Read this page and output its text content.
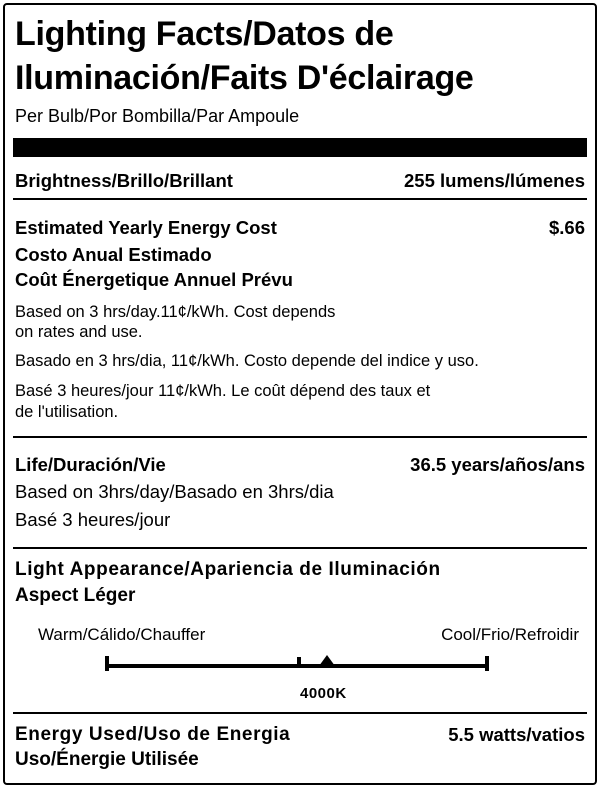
Lighting Facts/Datos de
Iluminación/Faits D'éclairage
Per Bulb/Por Bombilla/Par Ampoule
Brightness/Brillo/Brillant	255 lumens/lúmenes
Estimated Yearly Energy Cost	$.66
Costo Anual Estimado
Coût Énergetique Annuel Prévu
Based on 3 hrs/day.11¢/kWh. Cost depends
on rates and use.
Basado en 3 hrs/dia, 11¢/kWh. Costo depende del indice y uso.
Basé 3 heures/jour 11¢/kWh. Le coût dépend des taux et
de l'utilisation.
Life/Duración/Vie	36.5 years/años/ans
Based on 3hrs/day/Basado en 3hrs/dia
Basé 3 heures/jour
Light Appearance/Apariencia de Iluminación
Aspect Léger
Warm/Cálido/Chauffer	Cool/Frio/Refroidir
4000K
Energy Used/Uso de Energia	5.5 watts/vatios
Uso/Énergie Utilisée
